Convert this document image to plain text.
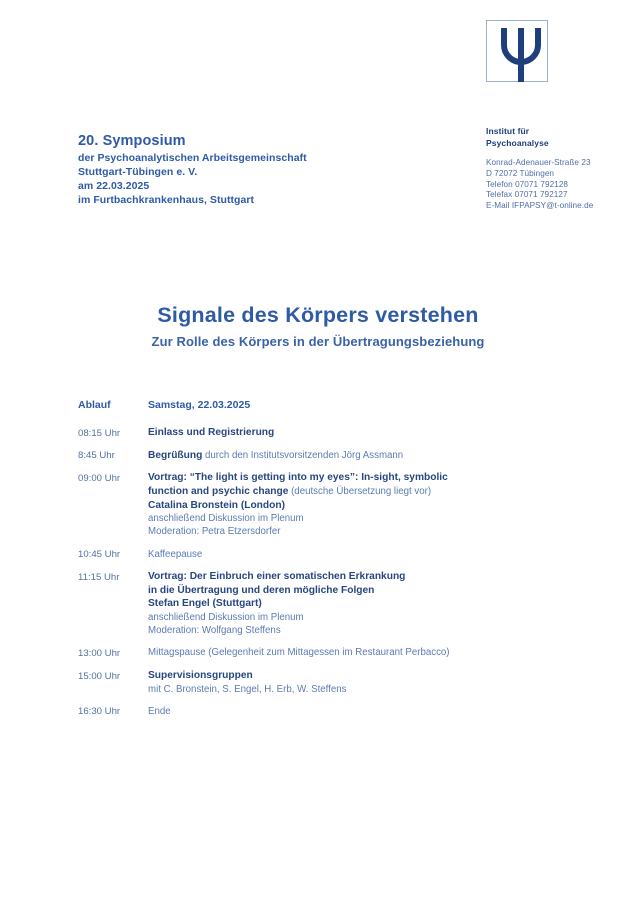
Institut für
Psychoanalyse
Konrad-Adenauer-Straße 23
D 72072 Tübingen
Telefon 07071 792128
Telefax 07071 792127
E-Mail IFPAPSY@t-online.de
20. Symposium
der Psychoanalytischen Arbeitsgemeinschaft
Stuttgart-Tübingen e. V.
am 22.03.2025
im Furtbachkrankenhaus, Stuttgart
Signale des Körpers verstehen
Zur Rolle des Körpers in der Übertragungsbeziehung
Ablauf	Samstag, 22.03.2025
08:15 Uhr	Einlass und Registrierung
8:45 Uhr	Begrüßung durch den Institutsvorsitzenden Jörg Assmann
09:00 Uhr	Vortrag: “The light is getting into my eyes”: In-sight, symbolic
function and psychic change (deutsche Übersetzung liegt vor)
Catalina Bronstein (London)
anschließend Diskussion im Plenum
Moderation: Petra Etzersdorfer
10:45 Uhr	Kaffeepause
11:15 Uhr	Vortrag: Der Einbruch einer somatischen Erkrankung
in die Übertragung und deren mögliche Folgen
Stefan Engel (Stuttgart)
anschließend Diskussion im Plenum
Moderation: Wolfgang Steffens
13:00 Uhr	Mittagspause (Gelegenheit zum Mittagessen im Restaurant Perbacco)
15:00 Uhr	Supervisionsgruppen
mit C. Bronstein, S. Engel, H. Erb, W. Steffens
16:30 Uhr	Ende
